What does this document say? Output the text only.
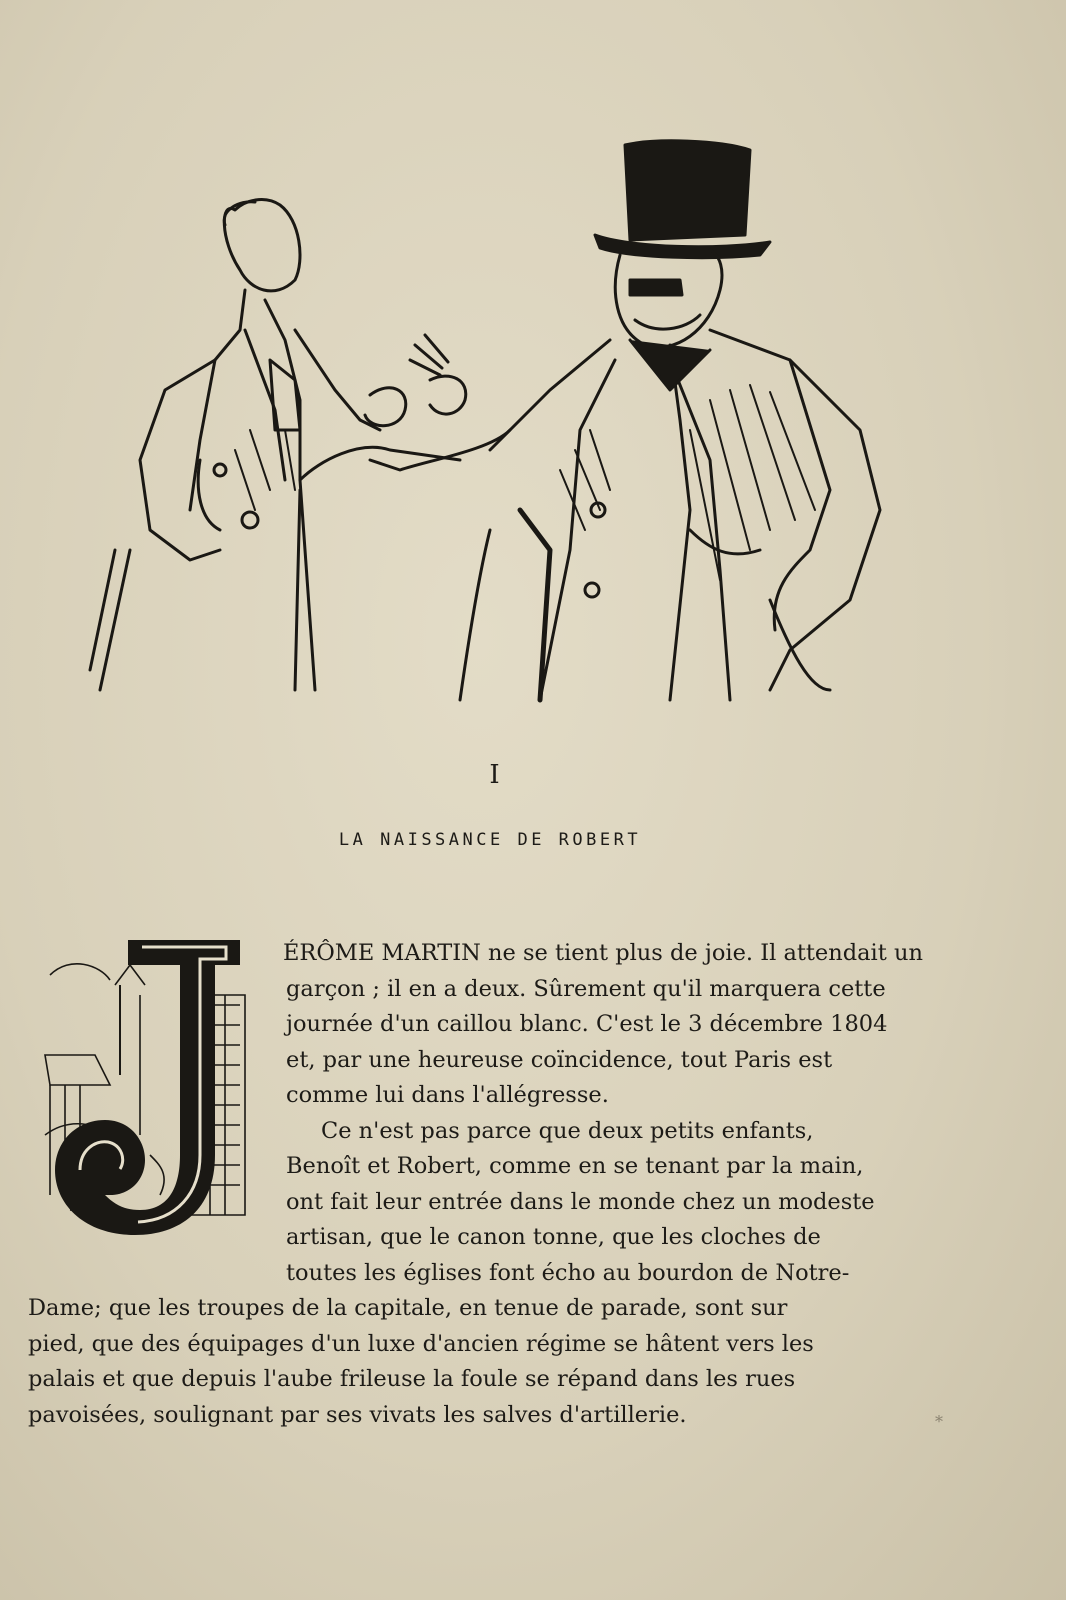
I
LA NAISSANCE DE ROBERT
ÉRÔME MARTIN ne se tient plus de joie. Il attendait un
garçon ; il en a deux. Sûrement qu'il marquera cette
journée d'un caillou blanc. C'est le 3 décembre 1804
et, par une heureuse coïncidence, tout Paris est
comme lui dans l'allégresse.
Ce n'est pas parce que deux petits enfants,
Benoît et Robert, comme en se tenant par la main,
ont fait leur entrée dans le monde chez un modeste
artisan, que le canon tonne, que les cloches de
toutes les églises font écho au bourdon de Notre-
Dame; que les troupes de la capitale, en tenue de parade, sont sur
pied, que des équipages d'un luxe d'ancien régime se hâtent vers les
palais et que depuis l'aube frileuse la foule se répand dans les rues
pavoisées, soulignant par ses vivats les salves d'artillerie.	*
